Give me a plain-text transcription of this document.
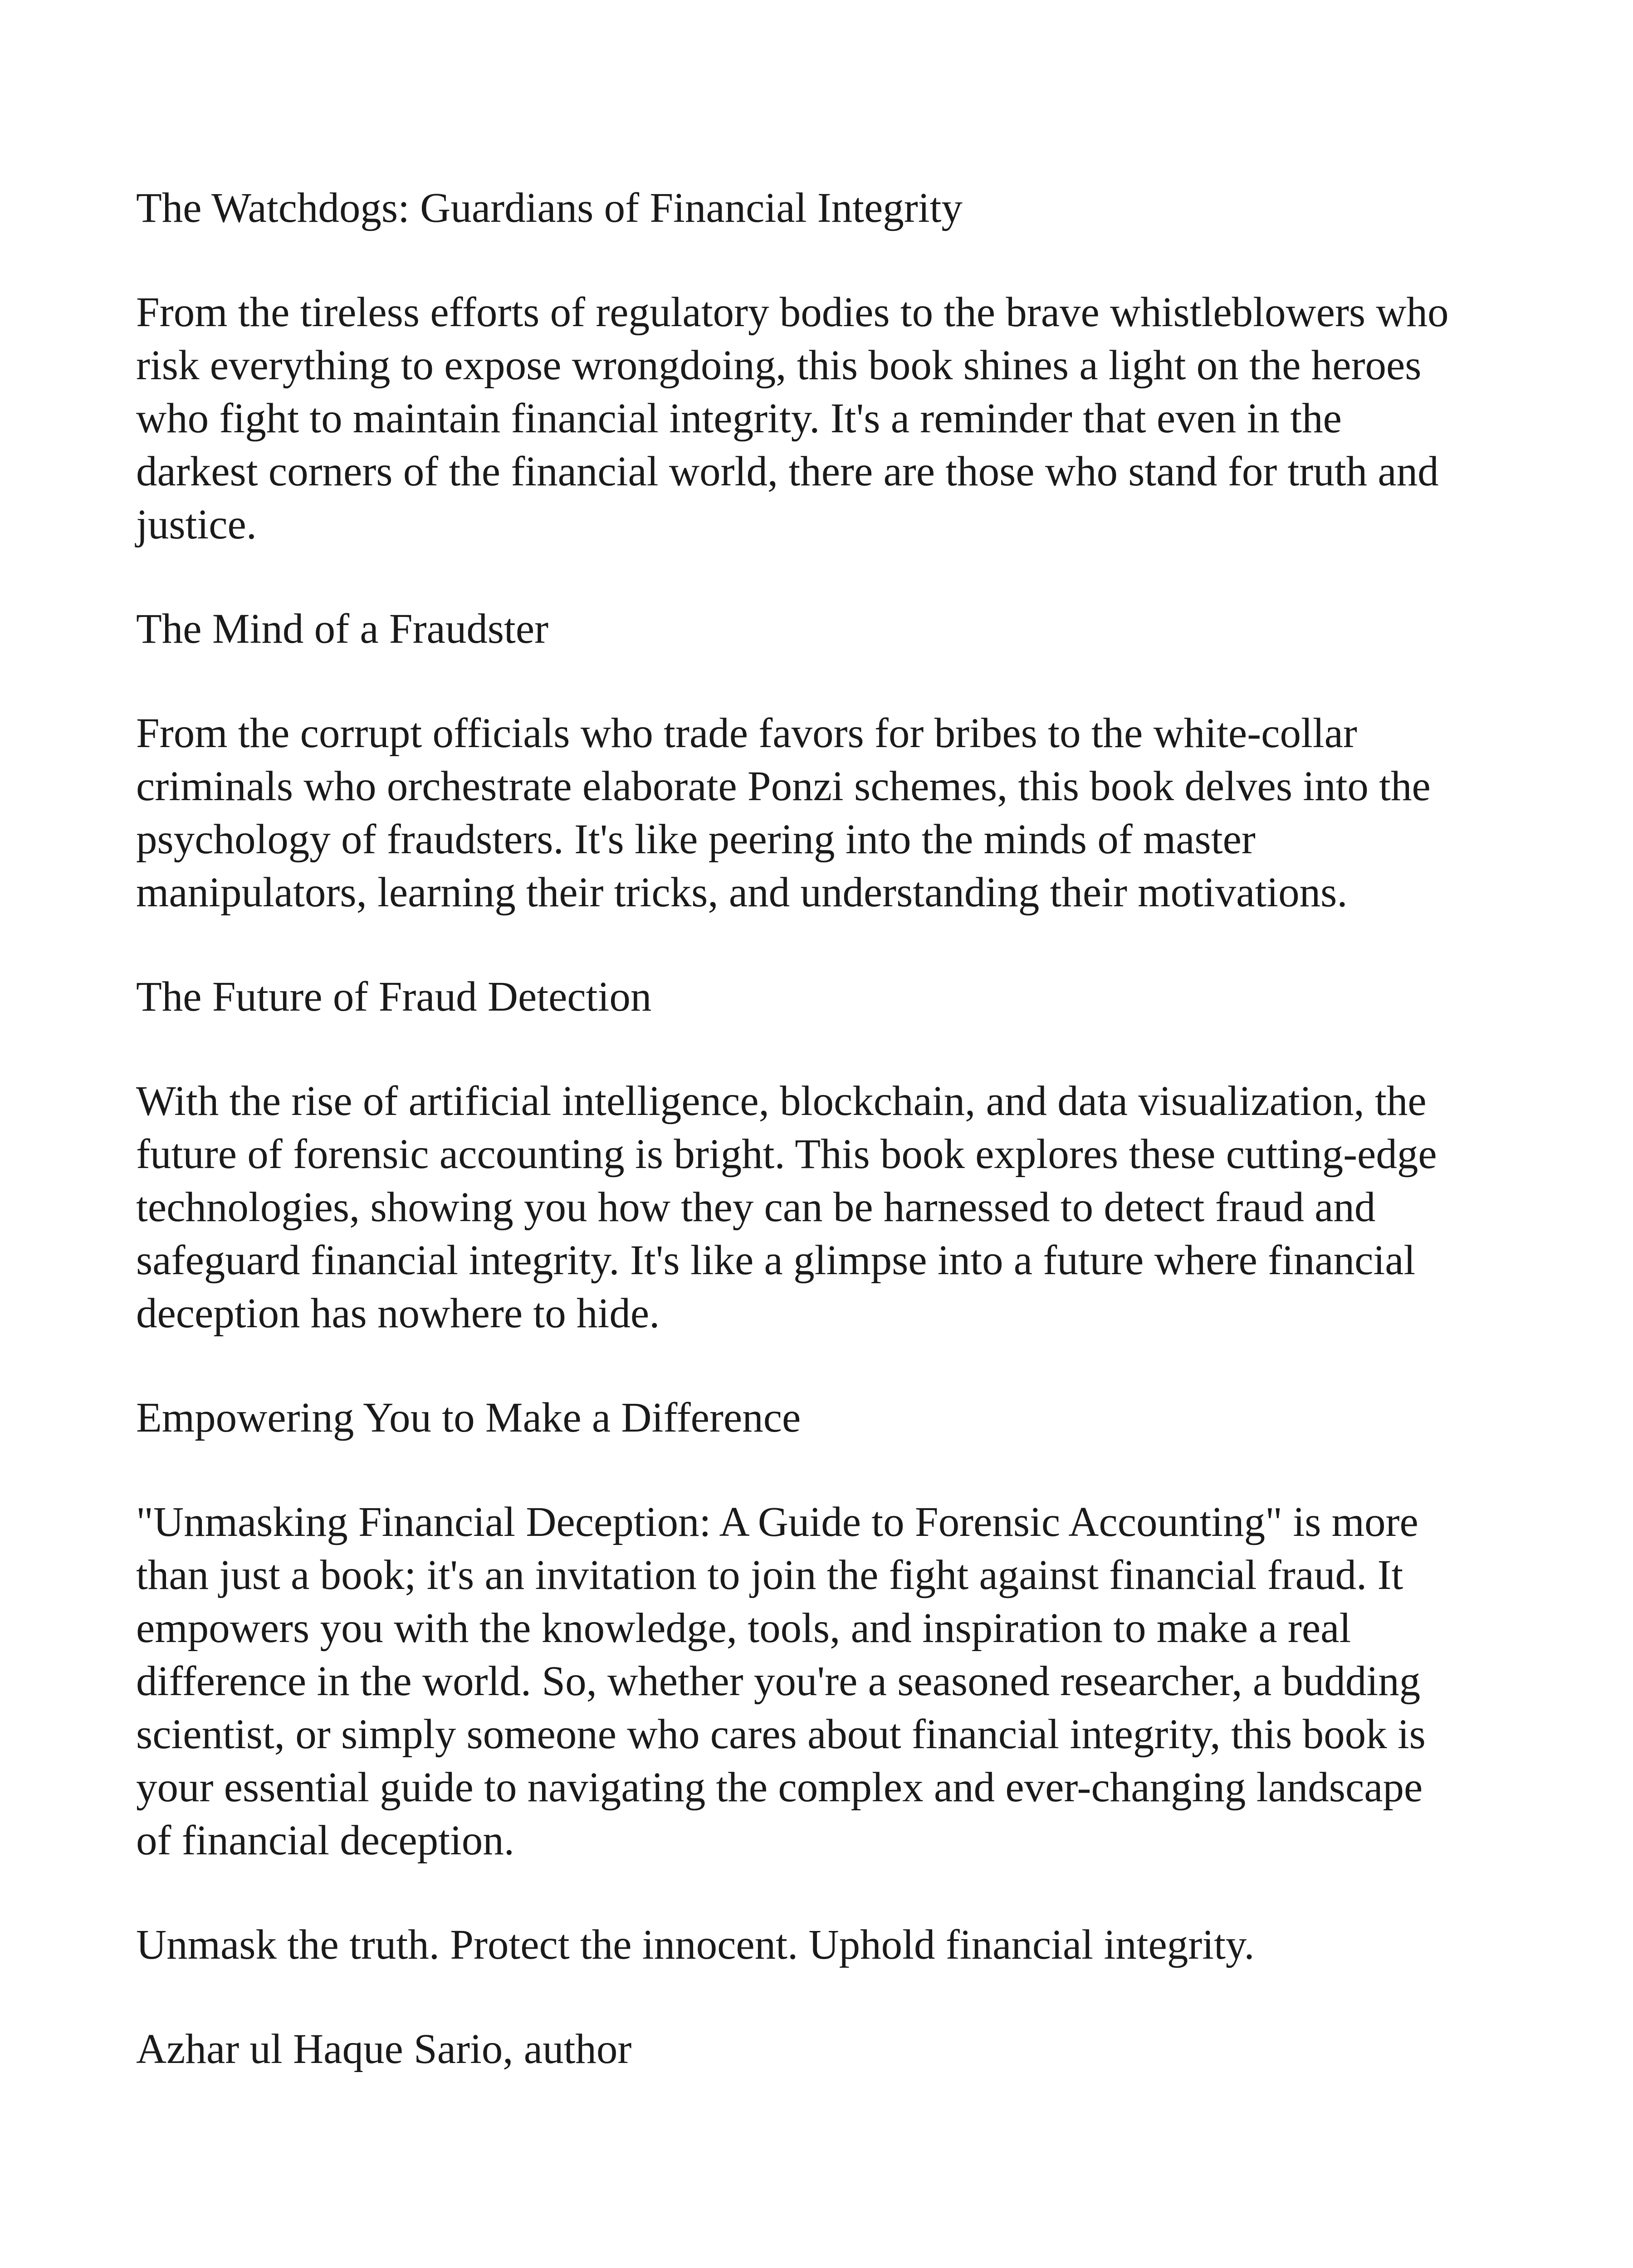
The Watchdogs: Guardians of Financial Integrity

From the tireless efforts of regulatory bodies to the brave whistleblowers who risk everything to expose wrongdoing, this book shines a light on the heroes who fight to maintain financial integrity. It's a reminder that even in the darkest corners of the financial world, there are those who stand for truth and justice.

The Mind of a Fraudster

From the corrupt officials who trade favors for bribes to the white-collar criminals who orchestrate elaborate Ponzi schemes, this book delves into the psychology of fraudsters. It's like peering into the minds of master manipulators, learning their tricks, and understanding their motivations.

The Future of Fraud Detection

With the rise of artificial intelligence, blockchain, and data visualization, the future of forensic accounting is bright. This book explores these cutting-edge technologies, showing you how they can be harnessed to detect fraud and safeguard financial integrity. It's like a glimpse into a future where financial deception has nowhere to hide.

Empowering You to Make a Difference

"Unmasking Financial Deception: A Guide to Forensic Accounting" is more than just a book; it's an invitation to join the fight against financial fraud. It empowers you with the knowledge, tools, and inspiration to make a real difference in the world. So, whether you're a seasoned researcher, a budding scientist, or simply someone who cares about financial integrity, this book is your essential guide to navigating the complex and ever-changing landscape of financial deception.

Unmask the truth. Protect the innocent. Uphold financial integrity.

Azhar ul Haque Sario, author
